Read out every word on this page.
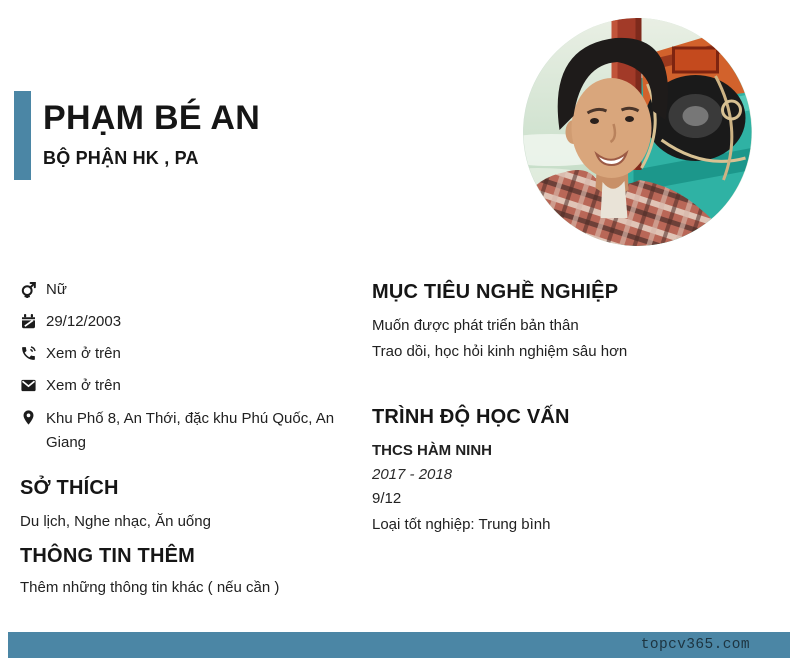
PHẠM BÉ AN
BỘ PHẬN HK , PA
Nữ
29/12/2003
Xem ở trên
Xem ở trên
Khu Phố 8, An Thới, đặc khu Phú Quốc, An Giang
SỞ THÍCH
Du lịch, Nghe nhạc, Ăn uống
THÔNG TIN THÊM
Thêm những thông tin khác ( nếu cần )
MỤC TIÊU NGHỀ NGHIỆP
Muốn được phát triển bản thân
Trao dồi, học hỏi kinh nghiệm sâu hơn
TRÌNH ĐỘ HỌC VẤN
THCS HÀM NINH
2017 - 2018
9/12
Loại tốt nghiệp: Trung bình
topcv365.com
